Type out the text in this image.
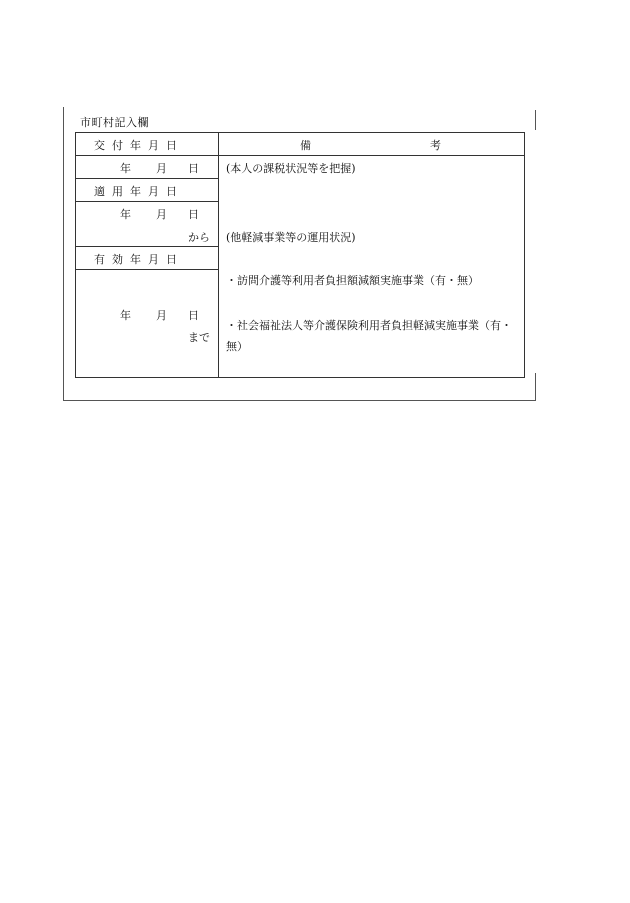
市町村記入欄
交付年月日	備	考
年 月 日
適用年月日
年 月 日
から
有効年月日
年 月 日
まで
(本人の課税状況等を把握)
(他軽減事業等の運用状況)
・訪問介護等利用者負担額減額実施事業（有・無）
・社会福祉法人等介護保険利用者負担軽減実施事業（有・
無）
